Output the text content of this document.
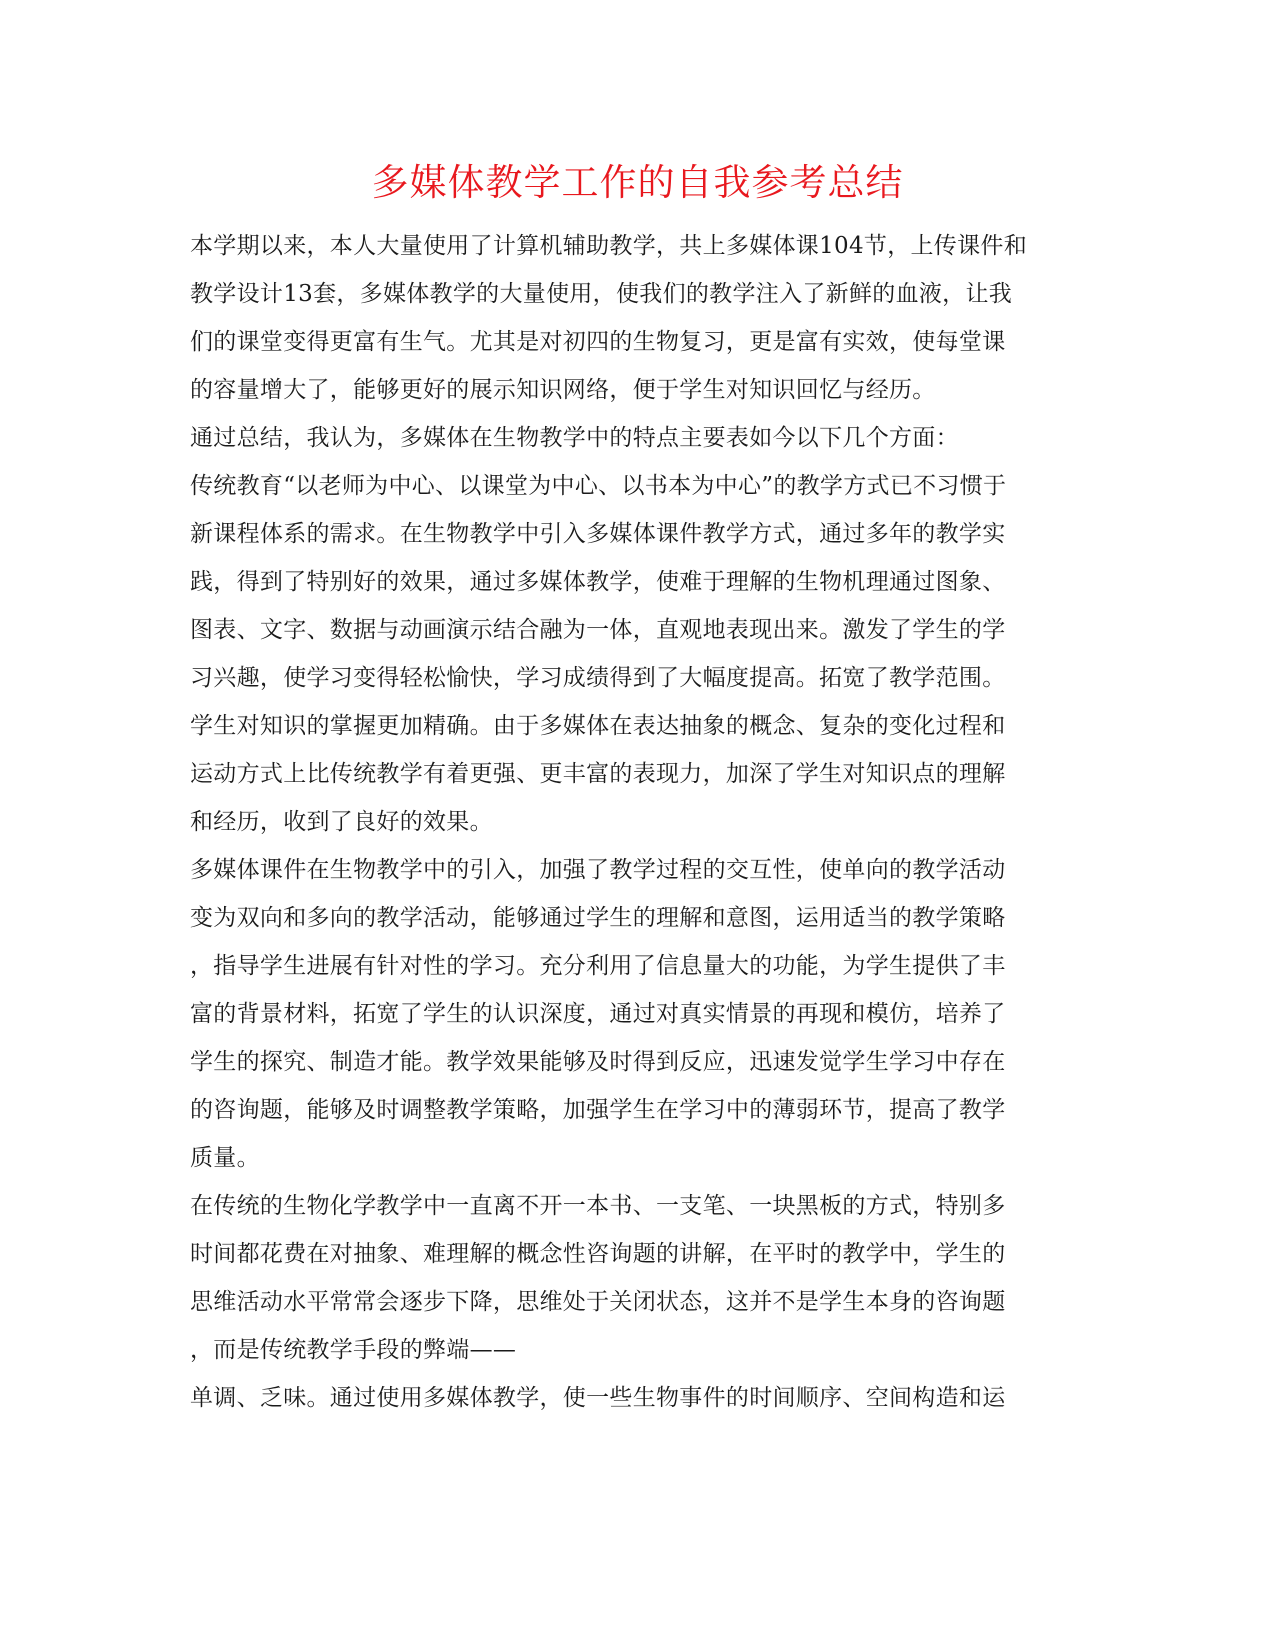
多媒体教学工作的自我参考总结
本学期以来，本人大量使用了计算机辅助教学，共上多媒体课104节，上传课件和
教学设计13套，多媒体教学的大量使用，使我们的教学注入了新鲜的血液，让我
们的课堂变得更富有生气。尤其是对初四的生物复习，更是富有实效，使每堂课
的容量增大了，能够更好的展示知识网络，便于学生对知识回忆与经历。
通过总结，我认为，多媒体在生物教学中的特点主要表如今以下几个方面：
传统教育“以老师为中心、以课堂为中心、以书本为中心”的教学方式已不习惯于
新课程体系的需求。在生物教学中引入多媒体课件教学方式，通过多年的教学实
践，得到了特别好的效果，通过多媒体教学，使难于理解的生物机理通过图象、
图表、文字、数据与动画演示结合融为一体，直观地表现出来。激发了学生的学
习兴趣，使学习变得轻松愉快，学习成绩得到了大幅度提高。拓宽了教学范围。
学生对知识的掌握更加精确。由于多媒体在表达抽象的概念、复杂的变化过程和
运动方式上比传统教学有着更强、更丰富的表现力，加深了学生对知识点的理解
和经历，收到了良好的效果。
多媒体课件在生物教学中的引入，加强了教学过程的交互性，使单向的教学活动
变为双向和多向的教学活动，能够通过学生的理解和意图，运用适当的教学策略
，指导学生进展有针对性的学习。充分利用了信息量大的功能，为学生提供了丰
富的背景材料，拓宽了学生的认识深度，通过对真实情景的再现和模仿，培养了
学生的探究、制造才能。教学效果能够及时得到反应，迅速发觉学生学习中存在
的咨询题，能够及时调整教学策略，加强学生在学习中的薄弱环节，提高了教学
质量。
在传统的生物化学教学中一直离不开一本书、一支笔、一块黑板的方式，特别多
时间都花费在对抽象、难理解的概念性咨询题的讲解，在平时的教学中，学生的
思维活动水平常常会逐步下降，思维处于关闭状态，这并不是学生本身的咨询题
，而是传统教学手段的弊端——
单调、乏味。通过使用多媒体教学，使一些生物事件的时间顺序、空间构造和运
